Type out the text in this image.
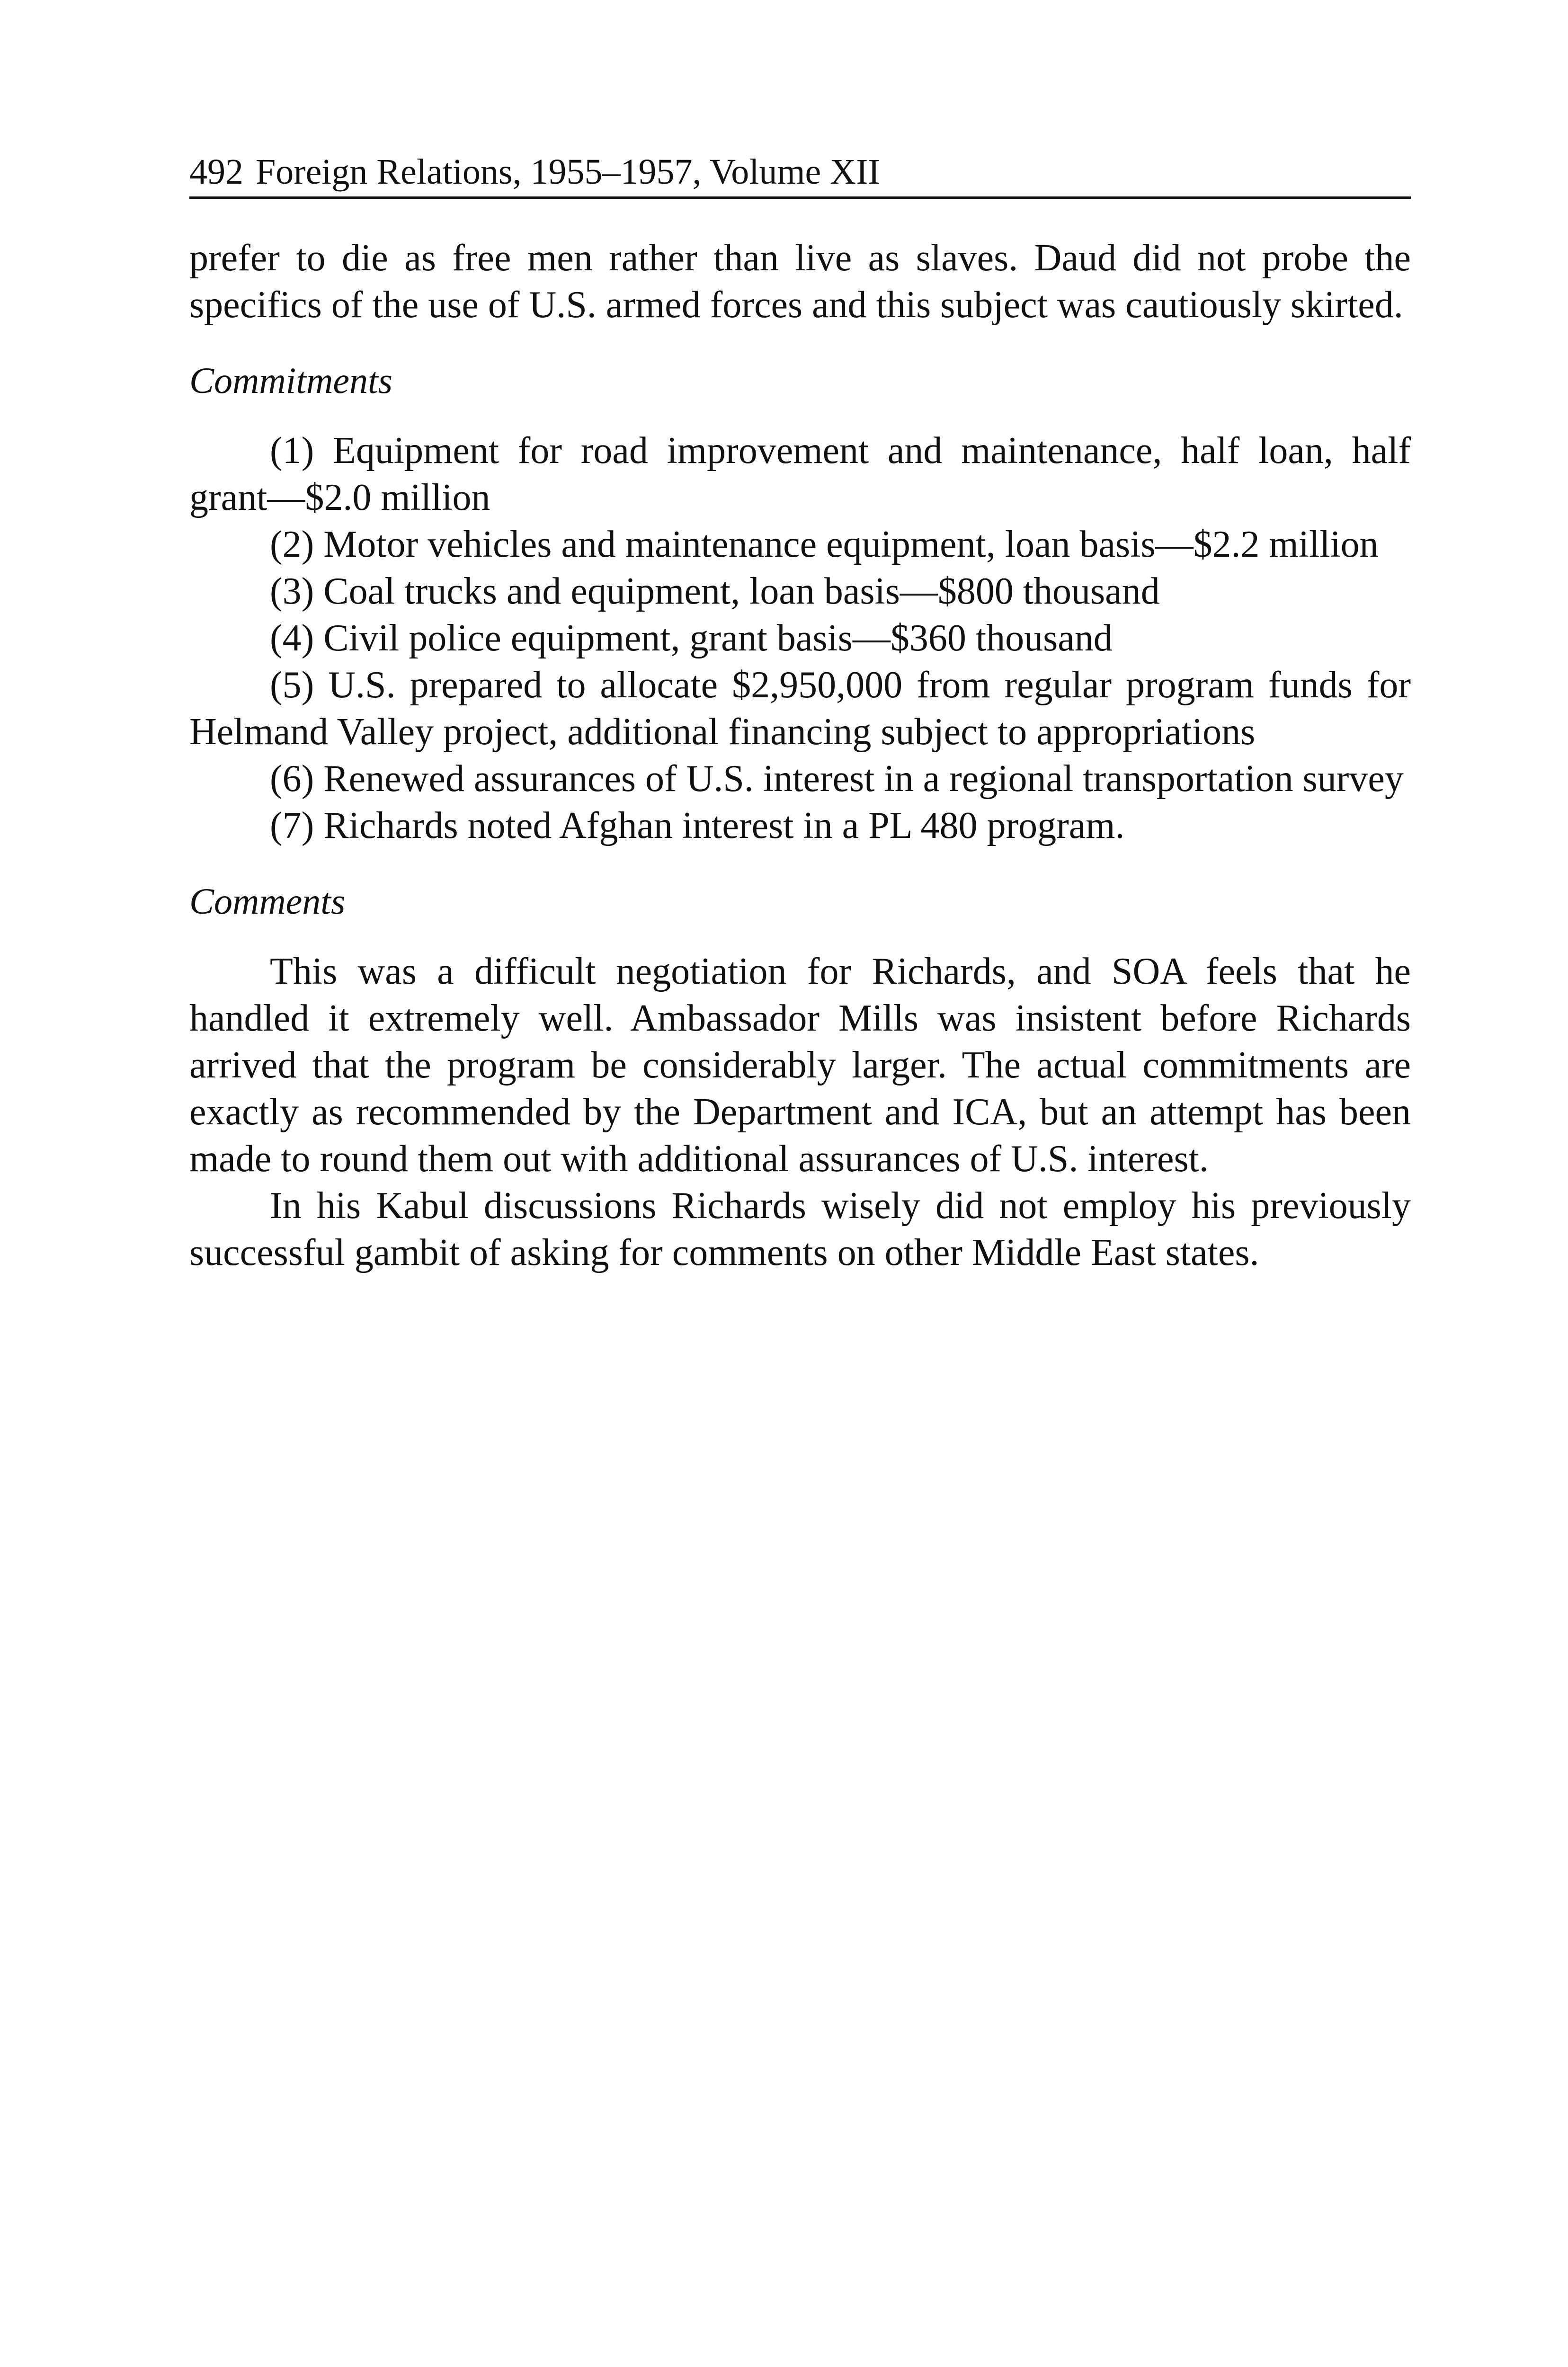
492 Foreign Relations, 1955–1957, Volume XII

prefer to die as free men rather than live as slaves. Daud did not probe the specifics of the use of U.S. armed forces and this subject was cautiously skirted.

Commitments

(1) Equipment for road improvement and maintenance, half loan, half grant—$2.0 million

(2) Motor vehicles and maintenance equipment, loan basis—$2.2 million

(3) Coal trucks and equipment, loan basis—$800 thousand

(4) Civil police equipment, grant basis—$360 thousand

(5) U.S. prepared to allocate $2,950,000 from regular program funds for Helmand Valley project, additional financing subject to appropriations

(6) Renewed assurances of U.S. interest in a regional transportation survey

(7) Richards noted Afghan interest in a PL 480 program.

Comments

This was a difficult negotiation for Richards, and SOA feels that he handled it extremely well. Ambassador Mills was insistent before Richards arrived that the program be considerably larger. The actual commitments are exactly as recommended by the Department and ICA, but an attempt has been made to round them out with additional assurances of U.S. interest.

In his Kabul discussions Richards wisely did not employ his previously successful gambit of asking for comments on other Middle East states.
